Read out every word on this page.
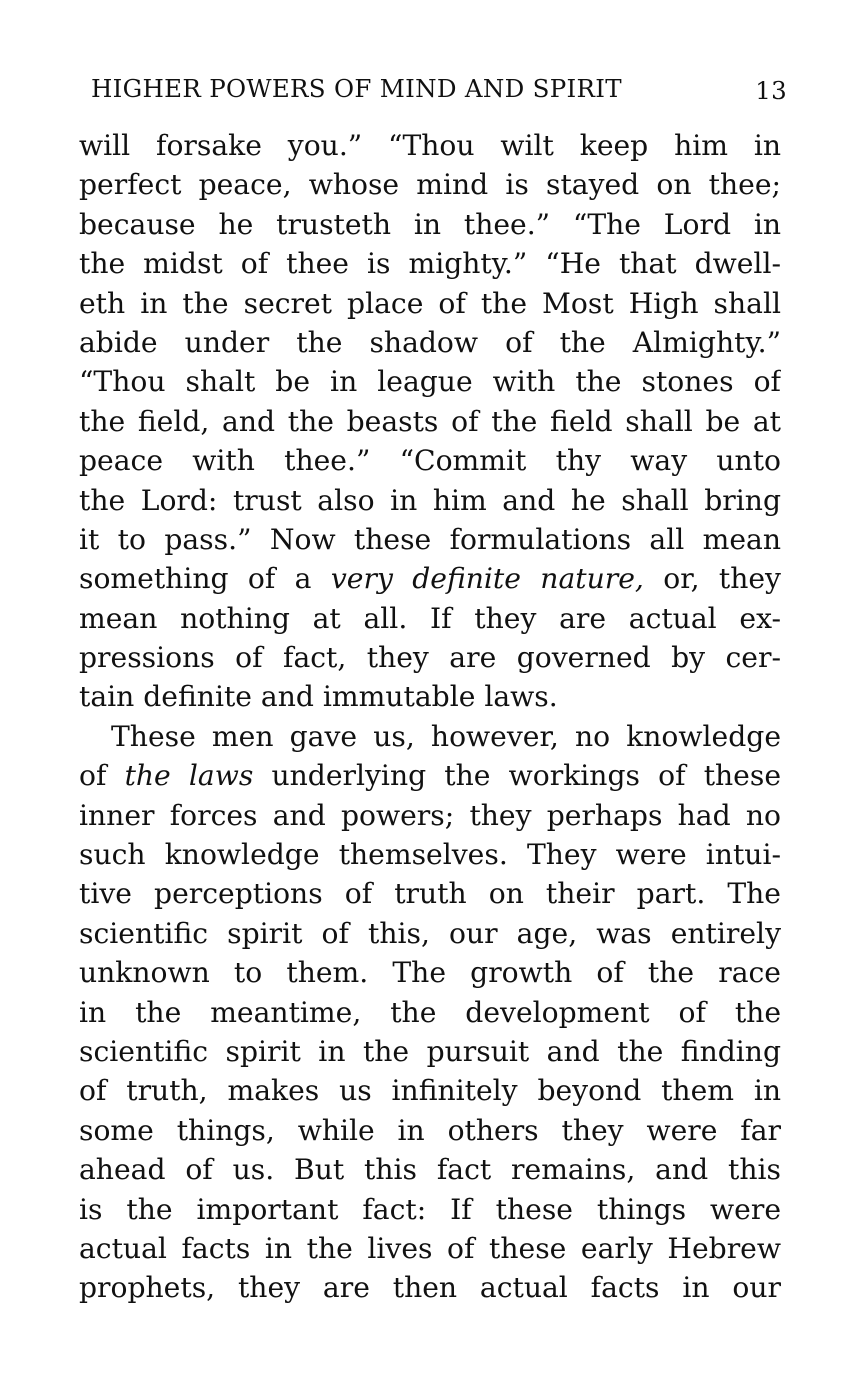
HIGHER POWERS OF MIND AND SPIRIT	13
will forsake you.” “Thou wilt keep him in
perfect peace, whose mind is stayed on thee;
because he trusteth in thee.” “The Lord in
the midst of thee is mighty.” “He that dwell-
eth in the secret place of the Most High shall
abide under the shadow of the Almighty.”
“Thou shalt be in league with the stones of
the field, and the beasts of the field shall be at
peace with thee.” “Commit thy way unto
the Lord: trust also in him and he shall bring
it to pass.” Now these formulations all mean
something of a very definite nature, or, they
mean nothing at all. If they are actual ex-
pressions of fact, they are governed by cer-
tain definite and immutable laws.
These men gave us, however, no knowledge
of the laws underlying the workings of these
inner forces and powers; they perhaps had no
such knowledge themselves. They were intui-
tive perceptions of truth on their part. The
scientific spirit of this, our age, was entirely
unknown to them. The growth of the race
in the meantime, the development of the
scientific spirit in the pursuit and the finding
of truth, makes us infinitely beyond them in
some things, while in others they were far
ahead of us. But this fact remains, and this
is the important fact: If these things were
actual facts in the lives of these early Hebrew
prophets, they are then actual facts in our
